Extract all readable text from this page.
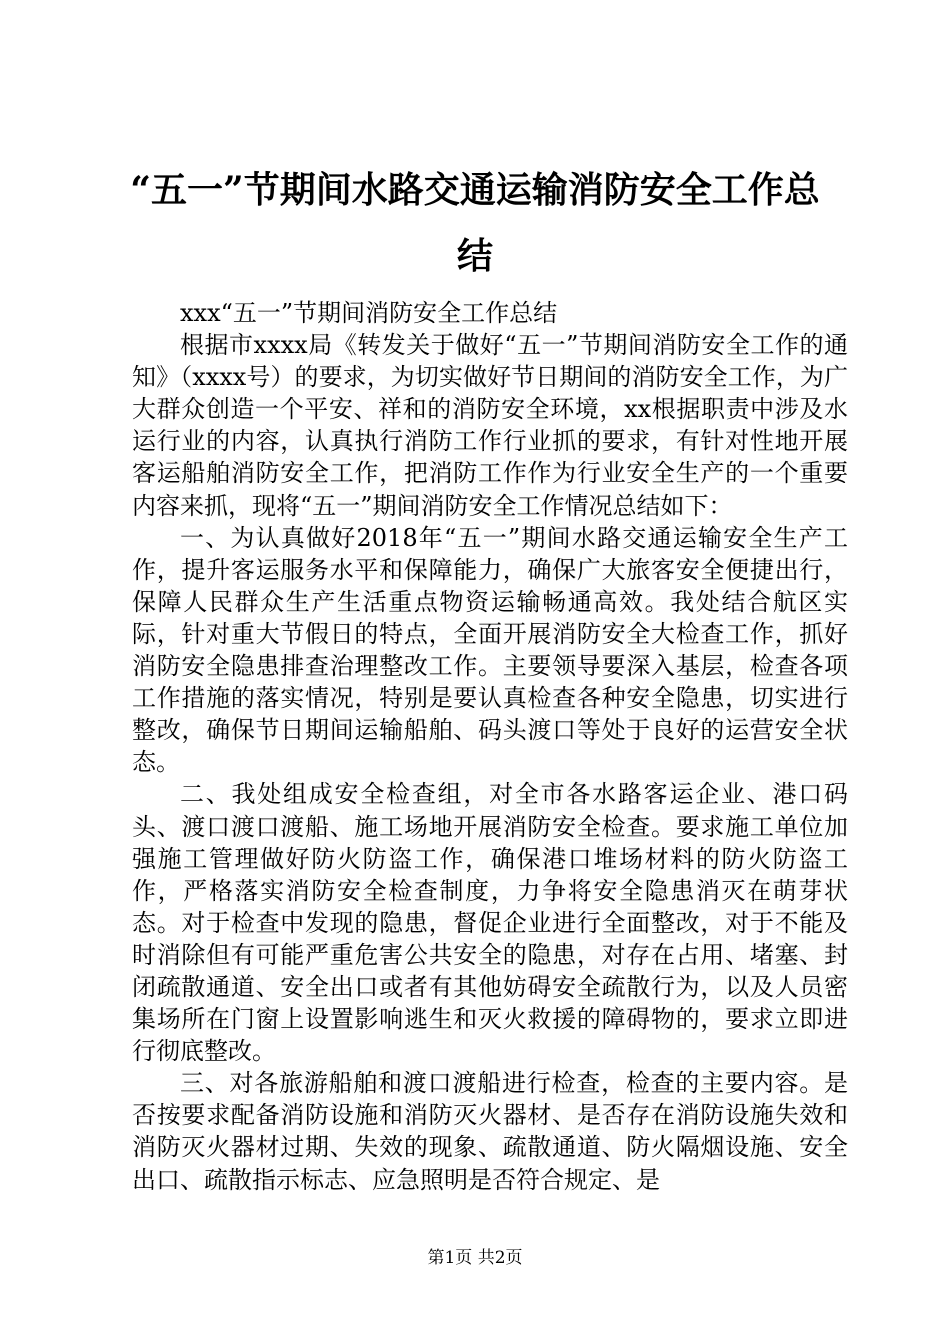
“五一”节期间水路交通运输消防安全工作总结

xxx“五一”节期间消防安全工作总结

根据市xxxx局《转发关于做好“五一”节期间消防安全工作的通知》（xxxx号）的要求，为切实做好节日期间的消防安全工作，为广大群众创造一个平安、祥和的消防安全环境，xx根据职责中涉及水运行业的内容，认真执行消防工作行业抓的要求，有针对性地开展客运船舶消防安全工作，把消防工作作为行业安全生产的一个重要内容来抓，现将“五一”期间消防安全工作情况总结如下：

一、为认真做好2018年“五一”期间水路交通运输安全生产工作，提升客运服务水平和保障能力，确保广大旅客安全便捷出行，保障人民群众生产生活重点物资运输畅通高效。我处结合航区实际，针对重大节假日的特点，全面开展消防安全大检查工作，抓好消防安全隐患排查治理整改工作。主要领导要深入基层，检查各项工作措施的落实情况，特别是要认真检查各种安全隐患，切实进行整改，确保节日期间运输船舶、码头渡口等处于良好的运营安全状态。

二、我处组成安全检查组，对全市各水路客运企业、港口码头、渡口渡口渡船、施工场地开展消防安全检查。要求施工单位加强施工管理做好防火防盗工作，确保港口堆场材料的防火防盗工作，严格落实消防安全检查制度，力争将安全隐患消灭在萌芽状态。对于检查中发现的隐患，督促企业进行全面整改，对于不能及时消除但有可能严重危害公共安全的隐患，对存在占用、堵塞、封闭疏散通道、安全出口或者有其他妨碍安全疏散行为，以及人员密集场所在门窗上设置影响逃生和灭火救援的障碍物的，要求立即进行彻底整改。

三、对各旅游船舶和渡口渡船进行检查，检查的主要内容。是否按要求配备消防设施和消防灭火器材、是否存在消防设施失效和消防灭火器材过期、失效的现象、疏散通道、防火隔烟设施、安全出口、疏散指示标志、应急照明是否符合规定、是

第1页 共2页
